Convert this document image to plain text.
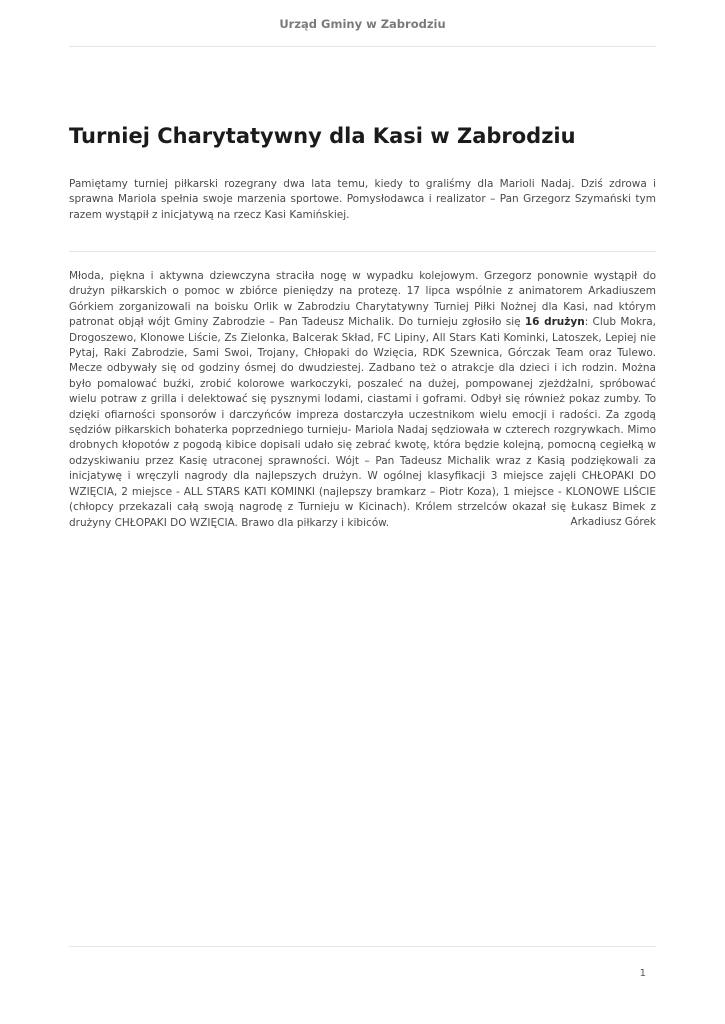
Urząd Gminy w Zabrodziu
Turniej Charytatywny dla Kasi w Zabrodziu

Pamiętamy turniej piłkarski rozegrany dwa lata temu, kiedy to graliśmy dla Marioli Nadaj. Dziś zdrowa i sprawna Mariola spełnia swoje marzenia sportowe. Pomysłodawca i realizator – Pan Grzegorz Szymański tym razem wystąpił z inicjatywą na rzecz Kasi Kamińskiej.

Młoda, piękna i aktywna dziewczyna straciła nogę w wypadku kolejowym. Grzegorz ponownie wystąpił do drużyn piłkarskich o pomoc w zbiórce pieniędzy na protezę. 17 lipca wspólnie z animatorem Arkadiuszem Górkiem zorganizowali na boisku Orlik w Zabrodziu Charytatywny Turniej Piłki Nożnej dla Kasi, nad którym patronat objął wójt Gminy Zabrodzie – Pan Tadeusz Michalik. Do turnieju zgłosiło się 16 drużyn: Club Mokra, Drogoszewo, Klonowe Liście, Zs Zielonka, Balcerak Skład, FC Lipiny, All Stars Kati Kominki, Latoszek, Lepiej nie Pytaj, Raki Zabrodzie, Sami Swoi, Trojany, Chłopaki do Wzięcia, RDK Szewnica, Górczak Team oraz Tulewo. Mecze odbywały się od godziny ósmej do dwudziestej. Zadbano też o atrakcje dla dzieci i ich rodzin. Można było pomalować buźki, zrobić kolorowe warkoczyki, poszaleć na dużej, pompowanej zjeżdżalni, spróbować wielu potraw z grilla i delektować się pysznymi lodami, ciastami i goframi. Odbył się również pokaz zumby. To dzięki ofiarności sponsorów i darczyńców impreza dostarczyła uczestnikom wielu emocji i radości. Za zgodą sędziów piłkarskich bohaterka poprzedniego turnieju- Mariola Nadaj sędziowała w czterech rozgrywkach. Mimo drobnych kłopotów z pogodą kibice dopisali udało się zebrać kwotę, która będzie kolejną, pomocną cegiełką w odzyskiwaniu przez Kasię utraconej sprawności. Wójt – Pan Tadeusz Michalik wraz z Kasią podziękowali za inicjatywę i wręczyli nagrody dla najlepszych drużyn. W ogólnej klasyfikacji 3 miejsce zajęli CHŁOPAKI DO WZIĘCIA, 2 miejsce - ALL STARS KATI KOMINKI (najlepszy bramkarz – Piotr Koza), 1 miejsce - KLONOWE LIŚCIE (chłopcy przekazali całą swoją nagrodę z Turnieju w Kicinach). Królem strzelców okazał się Łukasz Bimek z drużyny CHŁOPAKI DO WZIĘCIA. Brawo dla piłkarzy i kibiców.	Arkadiusz Górek

1
